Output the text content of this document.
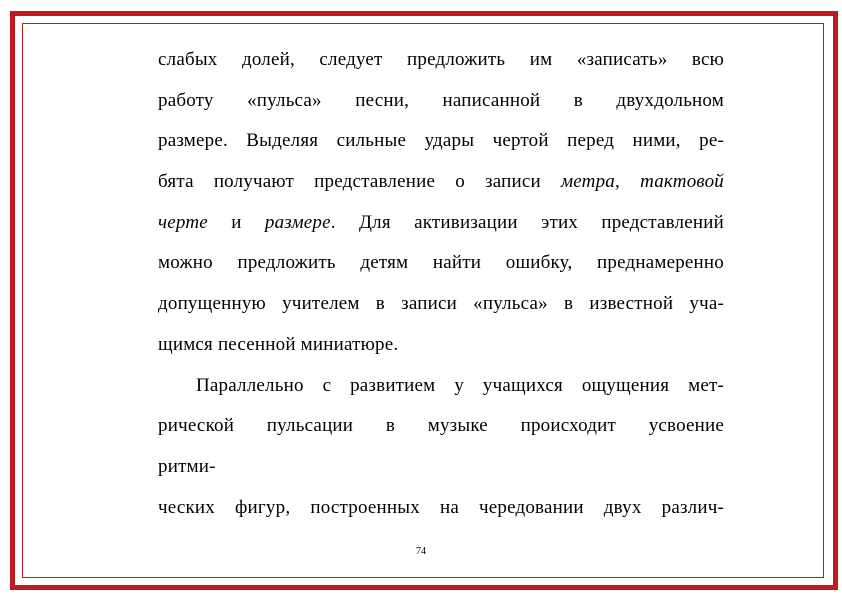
слабых долей, следует предложить им «записать» всю
работу «пульса» песни, написанной в двухдольном
размере. Выделяя сильные удары чертой перед ними, ре-
бята получают представление о записи метра, тактовой
черте и размере. Для активизации этих представлений
можно предложить детям найти ошибку, преднамеренно
допущенную учителем в записи «пульса» в известной уча-
щимся песенной миниатюре.
Параллельно с развитием у учащихся ощущения мет-
рической пульсации в музыке происходит усвоение
ритми-
ческих фигур, построенных на чередовании двух различ-
74
